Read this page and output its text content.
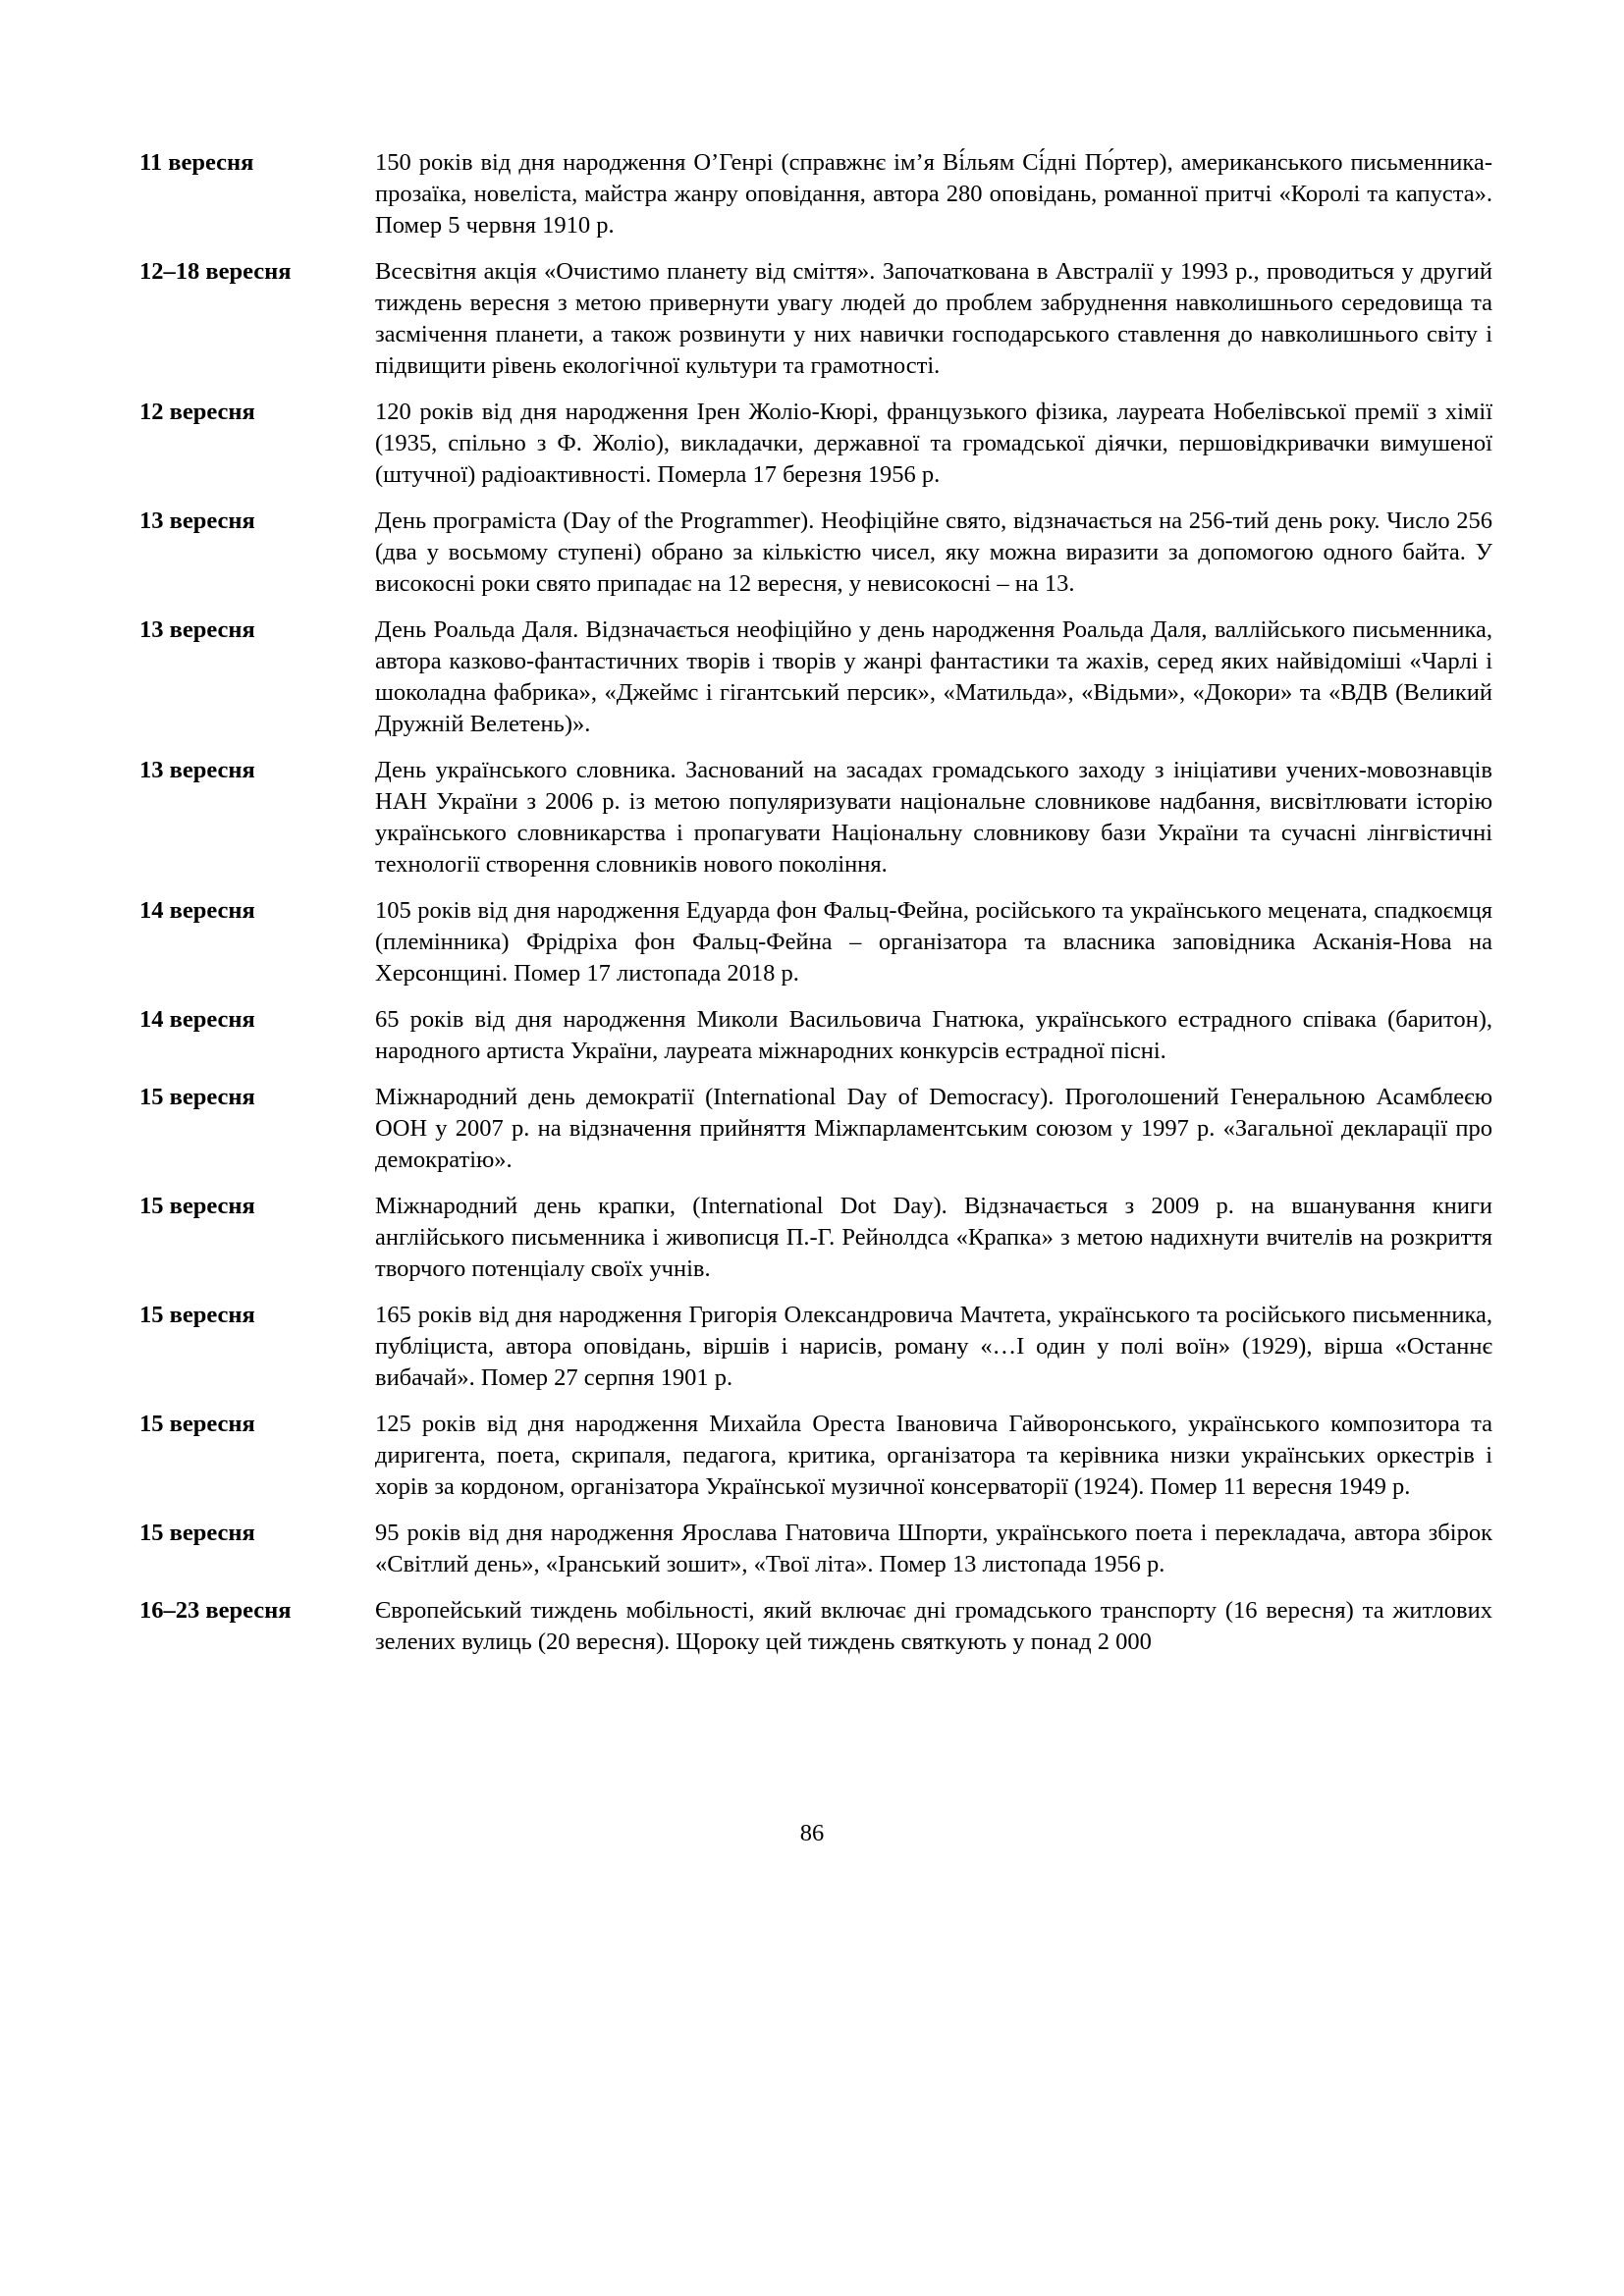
11 вересня	150 років від дня народження О’Генрі (справжнє ім’я Ві́льям Сі́дні По́ртер), американського письменника-прозаїка, новеліста, майстра жанру оповідання, автора 280 оповідань, романної притчі «Королі та капуста». Помер 5 червня 1910 р.
12–18 вересня	Всесвітня акція «Очистимо планету від сміття». Започаткована в Австралії у 1993 р., проводиться у другий тиждень вересня з метою привернути увагу людей до проблем забруднення навколишнього середовища та засмічення планети, а також розвинути у них навички господарського ставлення до навколишнього світу і підвищити рівень екологічної культури та грамотності.
12 вересня	120 років від дня народження Ірен Жоліо-Кюрі, французького фізика, лауреата Нобелівської премії з хімії (1935, спільно з Ф. Жоліо), викладачки, державної та громадської діячки, першовідкривачки вимушеної (штучної) радіоактивності. Померла 17 березня 1956 р.
13 вересня	День програміста (Day of the Programmer). Неофіційне свято, відзначається на 256-тий день року. Число 256 (два у восьмому ступені) обрано за кількістю чисел, яку можна виразити за допомогою одного байта. У високосні роки свято припадає на 12 вересня, у невисокосні – на 13.
13 вересня	День Роальда Даля. Відзначається неофіційно у день народження Роальда Даля, валлійського письменника, автора казково-фантастичних творів і творів у жанрі фантастики та жахів, серед яких найвідоміші «Чарлі і шоколадна фабрика», «Джеймс і гігантський персик», «Матильда», «Відьми», «Докори» та «ВДВ (Великий Дружній Велетень)».
13 вересня	День українського словника. Заснований на засадах громадського заходу з ініціативи учених-мовознавців НАН України з 2006 р. із метою популяризувати національне словникове надбання, висвітлювати історію українського словникарства і пропагувати Національну словникову бази України та сучасні лінгвістичні технології створення словників нового покоління.
14 вересня	105 років від дня народження Едуарда фон Фальц-Фейна, російського та українського мецената, спадкоємця (племінника) Фрідріха фон Фальц-Фейна – організатора та власника заповідника Асканія-Нова на Херсонщині. Помер 17 листопада 2018 р.
14 вересня	65 років від дня народження Миколи Васильовича Гнатюка, українського естрадного співака (баритон), народного артиста України, лауреата міжнародних конкурсів естрадної пісні.
15 вересня	Міжнародний день демократії (International Day of Democracy). Проголошений Генеральною Асамблеєю ООН у 2007 р. на відзначення прийняття Міжпарламентським союзом у 1997 р. «Загальної декларації про демократію».
15 вересня	Міжнародний день крапки, (International Dot Day). Відзначається з 2009 р. на вшанування книги англійського письменника і живописця П.-Г. Рейнолдса «Крапка» з метою надихнути вчителів на розкриття творчого потенціалу своїх учнів.
15 вересня	165 років від дня народження Григорія Олександровича Мачтета, українського та російського письменника, публіциста, автора оповідань, віршів і нарисів, роману «…І один у полі воїн» (1929), вірша «Останнє вибачай». Помер 27 серпня 1901 р.
15 вересня	125 років від дня народження Михайла Ореста Івановича Гайворонського, українського композитора та диригента, поета, скрипаля, педагога, критика, організатора та керівника низки українських оркестрів і хорів за кордоном, організатора Української музичної консерваторії (1924). Помер 11 вересня 1949 р.
15 вересня	95 років від дня народження Ярослава Гнатовича Шпорти, українського поета і перекладача, автора збірок «Світлий день», «Іранський зошит», «Твої літа». Помер 13 листопада 1956 р.
16–23 вересня	Європейський тиждень мобільності, який включає дні громадського транспорту (16 вересня) та житлових зелених вулиць (20 вересня). Щороку цей тиждень святкують у понад 2 000
86
